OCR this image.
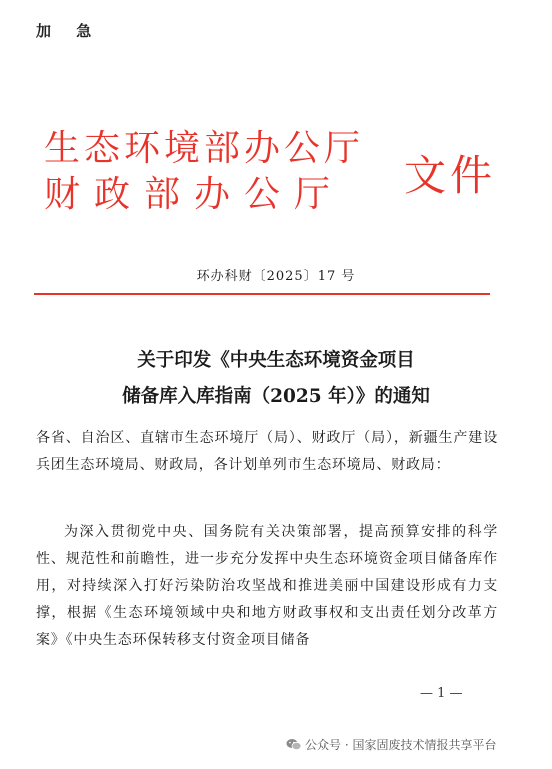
加 急
生态环境部办公厅
财政部办公厅 文件
环办科财〔2025〕17 号
关于印发《中央生态环境资金项目
储备库入库指南（2025 年）》的通知
各省、自治区、直辖市生态环境厅（局）、财政厅（局），新疆生产建设兵团生态环境局、财政局，各计划单列市生态环境局、财政局：
为深入贯彻党中央、国务院有关决策部署，提高预算安排的科学性、规范性和前瞻性，进一步充分发挥中央生态环境资金项目储备库作用，对持续深入打好污染防治攻坚战和推进美丽中国建设形成有力支撑，根据《生态环境领域中央和地方财政事权和支出责任划分改革方案》《中央生态环保转移支付资金项目储备
— 1 —
公众号 · 国家固废技术情报共享平台
